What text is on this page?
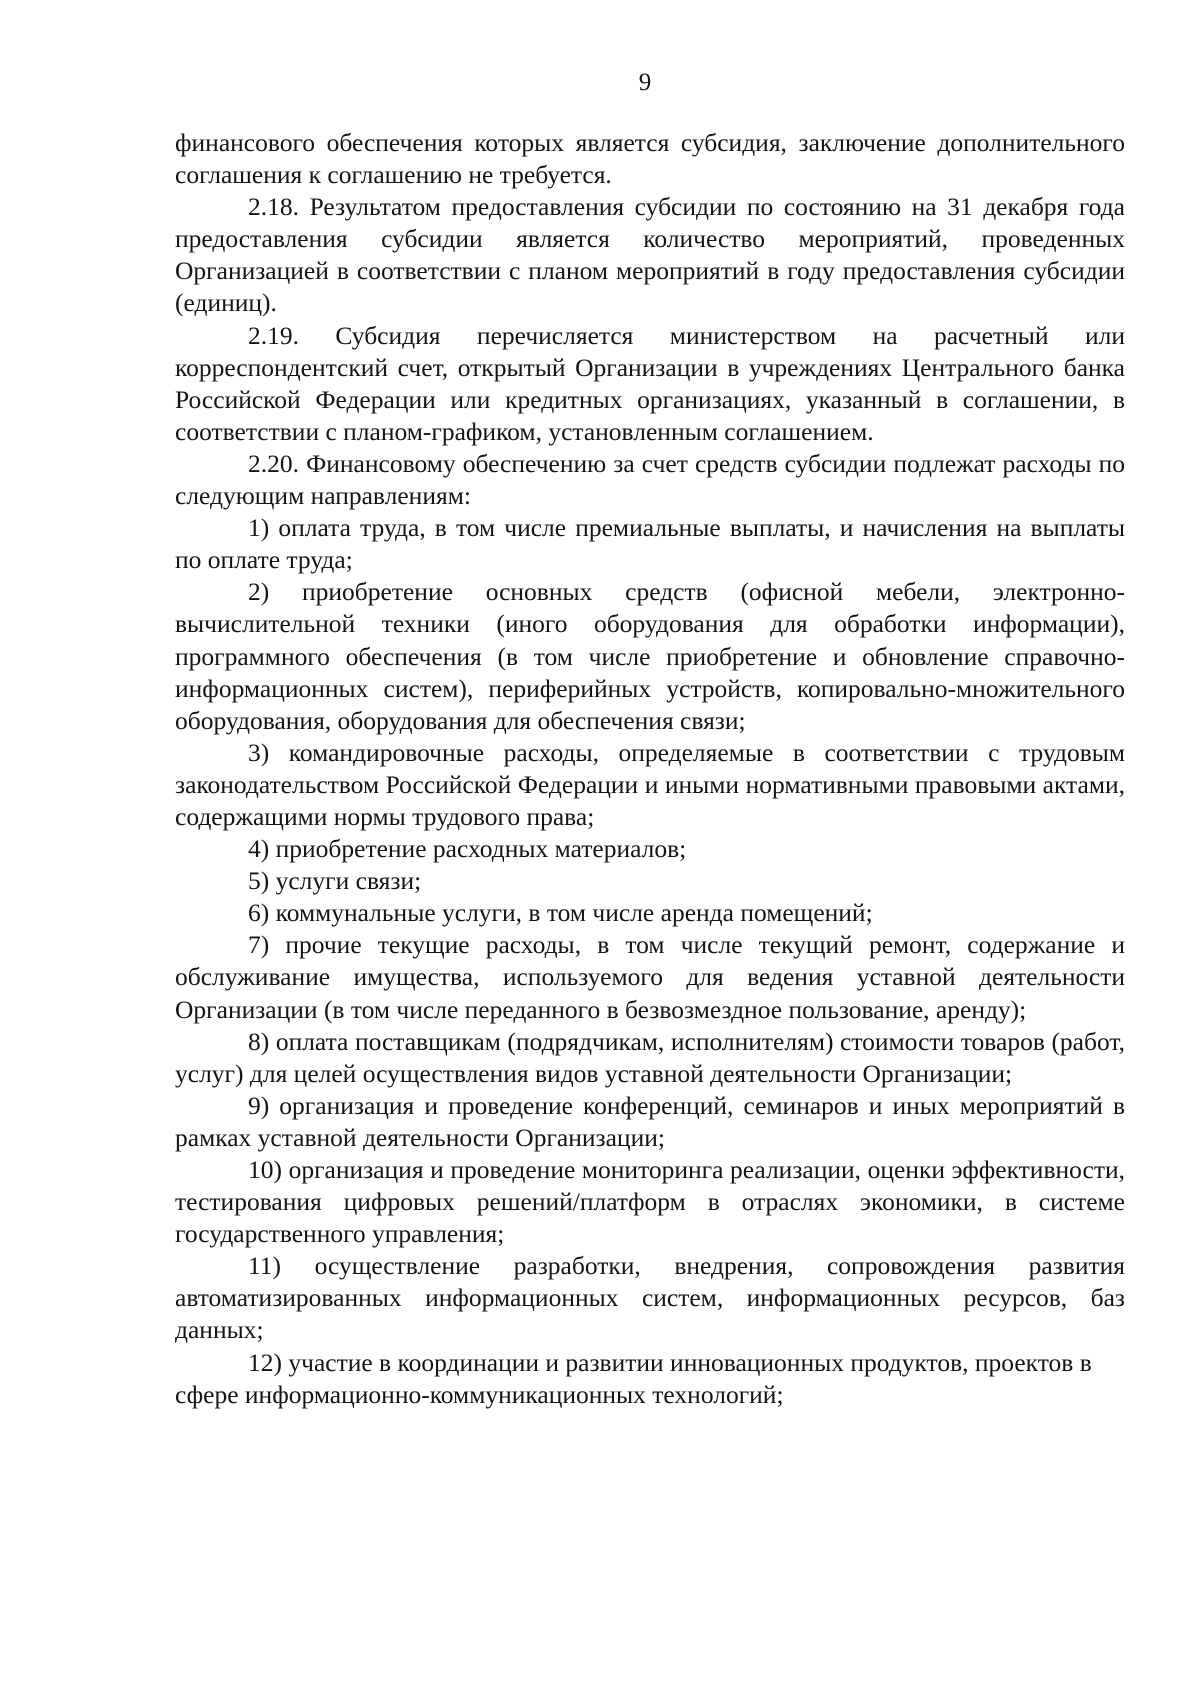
9

финансового обеспечения которых является субсидия, заключение дополнительного соглашения к соглашению не требуется.

2.18. Результатом предоставления субсидии по состоянию на 31 декабря года предоставления субсидии является количество мероприятий, проведенных Организацией в соответствии с планом мероприятий в году предоставления субсидии (единиц).

2.19. Субсидия перечисляется министерством на расчетный или корреспондентский счет, открытый Организации в учреждениях Центрального банка Российской Федерации или кредитных организациях, указанный в соглашении, в соответствии с планом-графиком, установленным соглашением.

2.20. Финансовому обеспечению за счет средств субсидии подлежат расходы по следующим направлениям:

1) оплата труда, в том числе премиальные выплаты, и начисления на выплаты по оплате труда;

2) приобретение основных средств (офисной мебели, электронно-вычислительной техники (иного оборудования для обработки информации), программного обеспечения (в том числе приобретение и обновление справочно-информационных систем), периферийных устройств, копировально-множительного оборудования, оборудования для обеспечения связи;

3) командировочные расходы, определяемые в соответствии с трудовым законодательством Российской Федерации и иными нормативными правовыми актами, содержащими нормы трудового права;

4) приобретение расходных материалов;

5) услуги связи;

6) коммунальные услуги, в том числе аренда помещений;

7) прочие текущие расходы, в том числе текущий ремонт, содержание и обслуживание имущества, используемого для ведения уставной деятельности Организации (в том числе переданного в безвозмездное пользование, аренду);

8) оплата поставщикам (подрядчикам, исполнителям) стоимости товаров (работ, услуг) для целей осуществления видов уставной деятельности Организации;

9) организация и проведение конференций, семинаров и иных мероприятий в рамках уставной деятельности Организации;

10) организация и проведение мониторинга реализации, оценки эффективности, тестирования цифровых решений/платформ в отраслях экономики, в системе государственного управления;

11) осуществление разработки, внедрения, сопровождения развития автоматизированных информационных систем, информационных ресурсов, баз данных;

12) участие в координации и развитии инновационных продуктов, проектов в сфере информационно-коммуникационных технологий;
